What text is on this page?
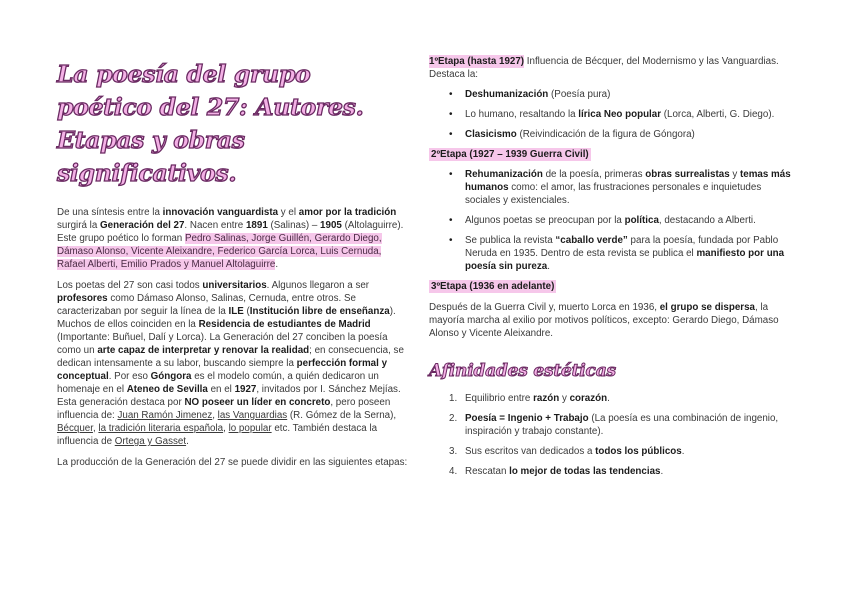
La poesía del grupo poético del 27: Autores. Etapas y obras significativos.

De una síntesis entre la innovación vanguardista y el amor por la tradición surgirá la Generación del 27. Nacen entre 1891 (Salinas) – 1905 (Altolaguirre). Este grupo poético lo forman Pedro Salinas, Jorge Guillén, Gerardo Diego, Dámaso Alonso, Vicente Aleixandre, Federico García Lorca, Luis Cernuda, Rafael Alberti, Emilio Prados y Manuel Altolaguirre.

Los poetas del 27 son casi todos universitarios. Algunos llegaron a ser profesores como Dámaso Alonso, Salinas, Cernuda, entre otros. Se caracterizaban por seguir la línea de la ILE (Institución libre de enseñanza). Muchos de ellos coinciden en la Residencia de estudiantes de Madrid (Importante: Buñuel, Dalí y Lorca). La Generación del 27 conciben la poesía como un arte capaz de interpretar y renovar la realidad; en consecuencia, se dedican intensamente a su labor, buscando siempre la perfección formal y conceptual. Por eso Góngora es el modelo común, a quién dedicaron un homenaje en el Ateneo de Sevilla en el 1927, invitados por I. Sánchez Mejías. Esta generación destaca por NO poseer un líder en concreto, pero poseen influencia de: Juan Ramón Jimenez, las Vanguardias (R. Gómez de la Serna), Bécquer, la tradición literaria española, lo popular etc. También destaca la influencia de Ortega y Gasset.

La producción de la Generación del 27 se puede dividir en las siguientes etapas:

1ºEtapa (hasta 1927) Influencia de Bécquer, del Modernismo y las Vanguardias. Destaca la:

• Deshumanización (Poesía pura)
• Lo humano, resaltando la lírica Neo popular (Lorca, Alberti, G. Diego).
• Clasicismo (Reivindicación de la figura de Góngora)

2ºEtapa (1927 – 1939 Guerra Civil)

• Rehumanización de la poesía, primeras obras surrealistas y temas más humanos como: el amor, las frustraciones personales e inquietudes sociales y existenciales.
• Algunos poetas se preocupan por la política, destacando a Alberti.
• Se publica la revista “caballo verde” para la poesía, fundada por Pablo Neruda en 1935. Dentro de esta revista se publica el manifiesto por una poesía sin pureza.

3ºEtapa (1936 en adelante)

Después de la Guerra Civil y, muerto Lorca en 1936, el grupo se dispersa, la mayoría marcha al exilio por motivos políticos, excepto: Gerardo Diego, Dámaso Alonso y Vicente Aleixandre.

Afinidades estéticas
1. Equilibrio entre razón y corazón.
2. Poesía = Ingenio + Trabajo (La poesía es una combinación de ingenio, inspiración y trabajo constante).
3. Sus escritos van dedicados a todos los públicos.
4. Rescatan lo mejor de todas las tendencias.
